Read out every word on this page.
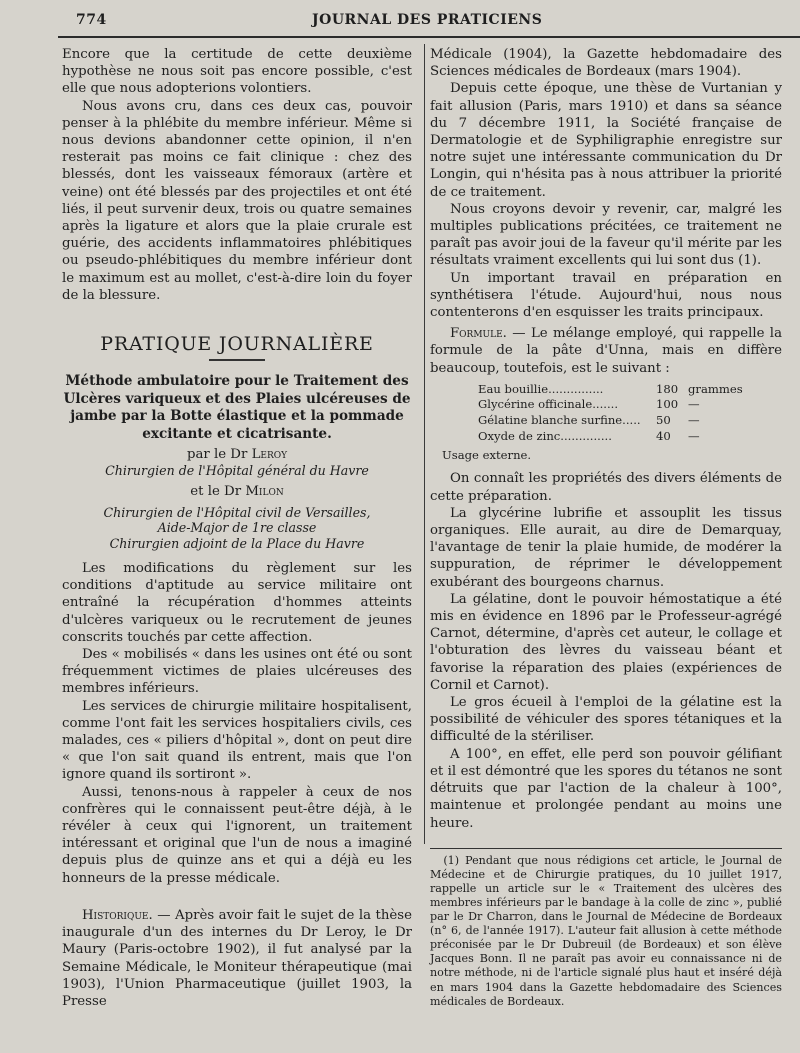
774	JOURNAL DES PRATICIENS

Encore que la certitude de cette deuxième hypothèse ne nous soit pas encore possible, c'est elle que nous adopterions volontiers.

Nous avons cru, dans ces deux cas, pouvoir penser à la phlébite du membre inférieur. Même si nous devions abandonner cette opinion, il n'en resterait pas moins ce fait clinique : chez des blessés, dont les vaisseaux fémoraux (artère et veine) ont été blessés par des projectiles et ont été liés, il peut survenir deux, trois ou quatre semaines après la ligature et alors que la plaie crurale est guérie, des accidents inflammatoires phlébitiques ou pseudo-phlébitiques du membre inférieur dont le maximum est au mollet, c'est-à-dire loin du foyer de la blessure.

PRATIQUE JOURNALIÈRE
Méthode ambulatoire pour le Traitement des Ulcères variqueux et des Plaies ulcéreuses de jambe par la Botte élastique et la pommade excitante et cicatrisante.
par le Dr Leroy
Chirurgien de l'Hôpital général du Havre
et le Dr Milon
Chirurgien de l'Hôpital civil de Versailles,
Aide-Major de 1re classe
Chirurgien adjoint de la Place du Havre

Les modifications du règlement sur les conditions d'aptitude au service militaire ont entraîné la récupération d'hommes atteints d'ulcères variqueux ou le recrutement de jeunes conscrits touchés par cette affection.

Des « mobilisés « dans les usines ont été ou sont fréquemment victimes de plaies ulcéreuses des membres inférieurs.

Les services de chirurgie militaire hospitalisent, comme l'ont fait les services hospitaliers civils, ces malades, ces « piliers d'hôpital », dont on peut dire « que l'on sait quand ils entrent, mais que l'on ignore quand ils sortiront ».

Aussi, tenons-nous à rappeler à ceux de nos confrères qui le connaissent peut-être déjà, à le révéler à ceux qui l'ignorent, un traitement intéressant et original que l'un de nous a imaginé depuis plus de quinze ans et qui a déjà eu les honneurs de la presse médicale.

Historique. — Après avoir fait le sujet de la thèse inaugurale d'un des internes du Dr Leroy, le Dr Maury (Paris-octobre 1902), il fut analysé par la Semaine Médicale, le Moniteur thérapeutique (mai 1903), l'Union Pharmaceutique (juillet 1903, la Presse

Médicale (1904), la Gazette hebdomadaire des Sciences médicales de Bordeaux (mars 1904).

Depuis cette époque, une thèse de Vurtanian y fait allusion (Paris, mars 1910) et dans sa séance du 7 décembre 1911, la Société française de Dermatologie et de Syphiligraphie enregistre sur notre sujet une intéressante communication du Dr Longin, qui n'hésita pas à nous attribuer la priorité de ce traitement.

Nous croyons devoir y revenir, car, malgré les multiples publications précitées, ce traitement ne paraît pas avoir joui de la faveur qu'il mérite par les résultats vraiment excellents qui lui sont dus (1).

Un important travail en préparation en synthétisera l'étude. Aujourd'hui, nous nous contenterons d'en esquisser les traits principaux.

Formule. — Le mélange employé, qui rappelle la formule de la pâte d'Unna, mais en diffère beaucoup, toutefois, est le suivant :

Eau bouillie...............	180 grammes
Glycérine officinale.......	100 —
Gélatine blanche surfine..... 50 —
Oxyde de zinc..............	40 —
Usage externe.

On connaît les propriétés des divers éléments de cette préparation.

La glycérine lubrifie et assouplit les tissus organiques. Elle aurait, au dire de Demarquay, l'avantage de tenir la plaie humide, de modérer la suppuration, de réprimer le développement exubérant des bourgeons charnus.

La gélatine, dont le pouvoir hémostatique a été mis en évidence en 1896 par le Professeur-agrégé Carnot, détermine, d'après cet auteur, le collage et l'obturation des lèvres du vaisseau béant et favorise la réparation des plaies (expériences de Cornil et Carnot).

Le gros écueil à l'emploi de la gélatine est la possibilité de véhiculer des spores tétaniques et la difficulté de la stériliser.

A 100°, en effet, elle perd son pouvoir gélifiant et il est démontré que les spores du tétanos ne sont détruits que par l'action de la chaleur à 100°, maintenue et prolongée pendant au moins une heure.

(1) Pendant que nous rédigions cet article, le Journal de Médecine et de Chirurgie pratiques, du 10 juillet 1917, rappelle un article sur le « Traitement des ulcères des membres inférieurs par le bandage à la colle de zinc », publié par le Dr Charron, dans le Journal de Médecine de Bordeaux (n° 6, de l'année 1917). L'auteur fait allusion à cette méthode préconisée par le Dr Dubreuil (de Bordeaux) et son élève Jacques Bonn. Il ne paraît pas avoir eu connaissance ni de notre méthode, ni de l'article signalé plus haut et inséré déjà en mars 1904 dans la Gazette hebdomadaire des Sciences médicales de Bordeaux.
